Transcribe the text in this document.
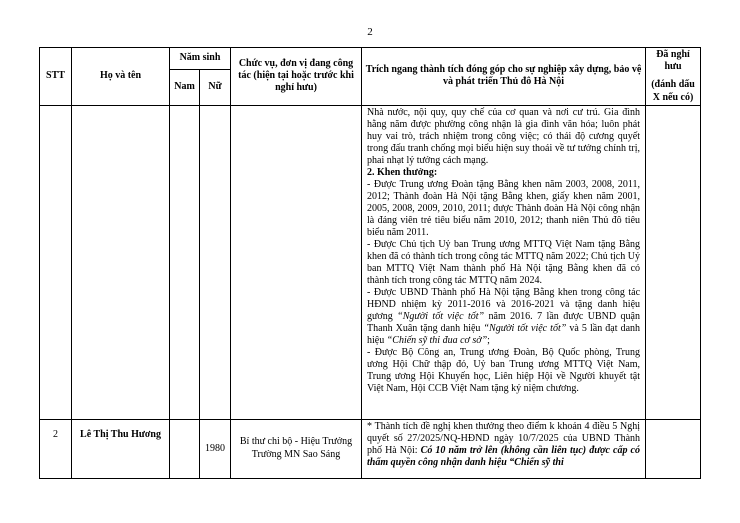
2
STT	Họ và tên	Năm sinh		Chức vụ, đơn vị đang công tác (hiện tại hoặc trước khi nghỉ hưu)	Trích ngang thành tích đóng góp cho sự nghiệp xây dựng, bảo vệ và phát triển Thủ đô Hà Nội	Đã nghỉ hưu
(đánh dấu X nếu có)

		Nam	Nữ			

Nhà nước, nội quy, quy chế của cơ quan và nơi cư trú. Gia đình hằng năm được phường công nhận là gia đình văn hóa; luôn phát huy vai trò, trách nhiệm trong công việc; có thái độ cương quyết trong đấu tranh chống mọi biểu hiện suy thoái về tư tưởng chính trị, phai nhạt lý tưởng cách mạng.

2. Khen thưởng:

- Được Trung ương Đoàn tặng Bằng khen năm 2003, 2008, 2011, 2012; Thành đoàn Hà Nội tặng Bằng khen, giấy khen năm 2001, 2005, 2008, 2009, 2010, 2011; được Thành đoàn Hà Nội công nhận là đảng viên trẻ tiêu biểu năm 2010, 2012; thanh niên Thủ đô tiêu biểu năm 2011.

- Được Chủ tịch Uỷ ban Trung ương MTTQ Việt Nam tặng Bằng khen đã có thành tích trong công tác MTTQ năm 2022; Chủ tịch Uỷ ban MTTQ Việt Nam thành phố Hà Nội tặng Bằng khen đã có thành tích trong công tác MTTQ năm 2024.

- Được UBND Thành phố Hà Nội tặng Bằng khen trong công tác HĐND nhiệm kỳ 2011-2016 và 2016-2021 và tặng danh hiệu gương “Người tốt việc tốt” năm 2016. 7 lần được UBND quận Thanh Xuân tặng danh hiệu “Người tốt việc tốt” và 5 lần đạt danh hiệu “Chiến sỹ thi đua cơ sở”;

- Được Bộ Công an, Trung ương Đoàn, Bộ Quốc phòng, Trung ương Hội Chữ thập đỏ, Uỷ ban Trung ương MTTQ Việt Nam, Trung ương Hội Khuyến học, Liên hiệp Hội về Người khuyết tật Việt Nam, Hội CCB Việt Nam tặng kỷ niệm chương.

2	Lê Thị Thu Hương		1980	Bí thư chi bộ - Hiệu Trưởng Trường MN Sao Sáng	* Thành tích đề nghị khen thưởng theo điểm k khoản 4 điều 5 Nghị quyết số 27/2025/NQ-HĐND ngày 10/7/2025 của UBND Thành phố Hà Nội: Có 10 năm trở lên (không cần liên tục) được cấp có thẩm quyền công nhận danh hiệu “Chiến sỹ thi	
